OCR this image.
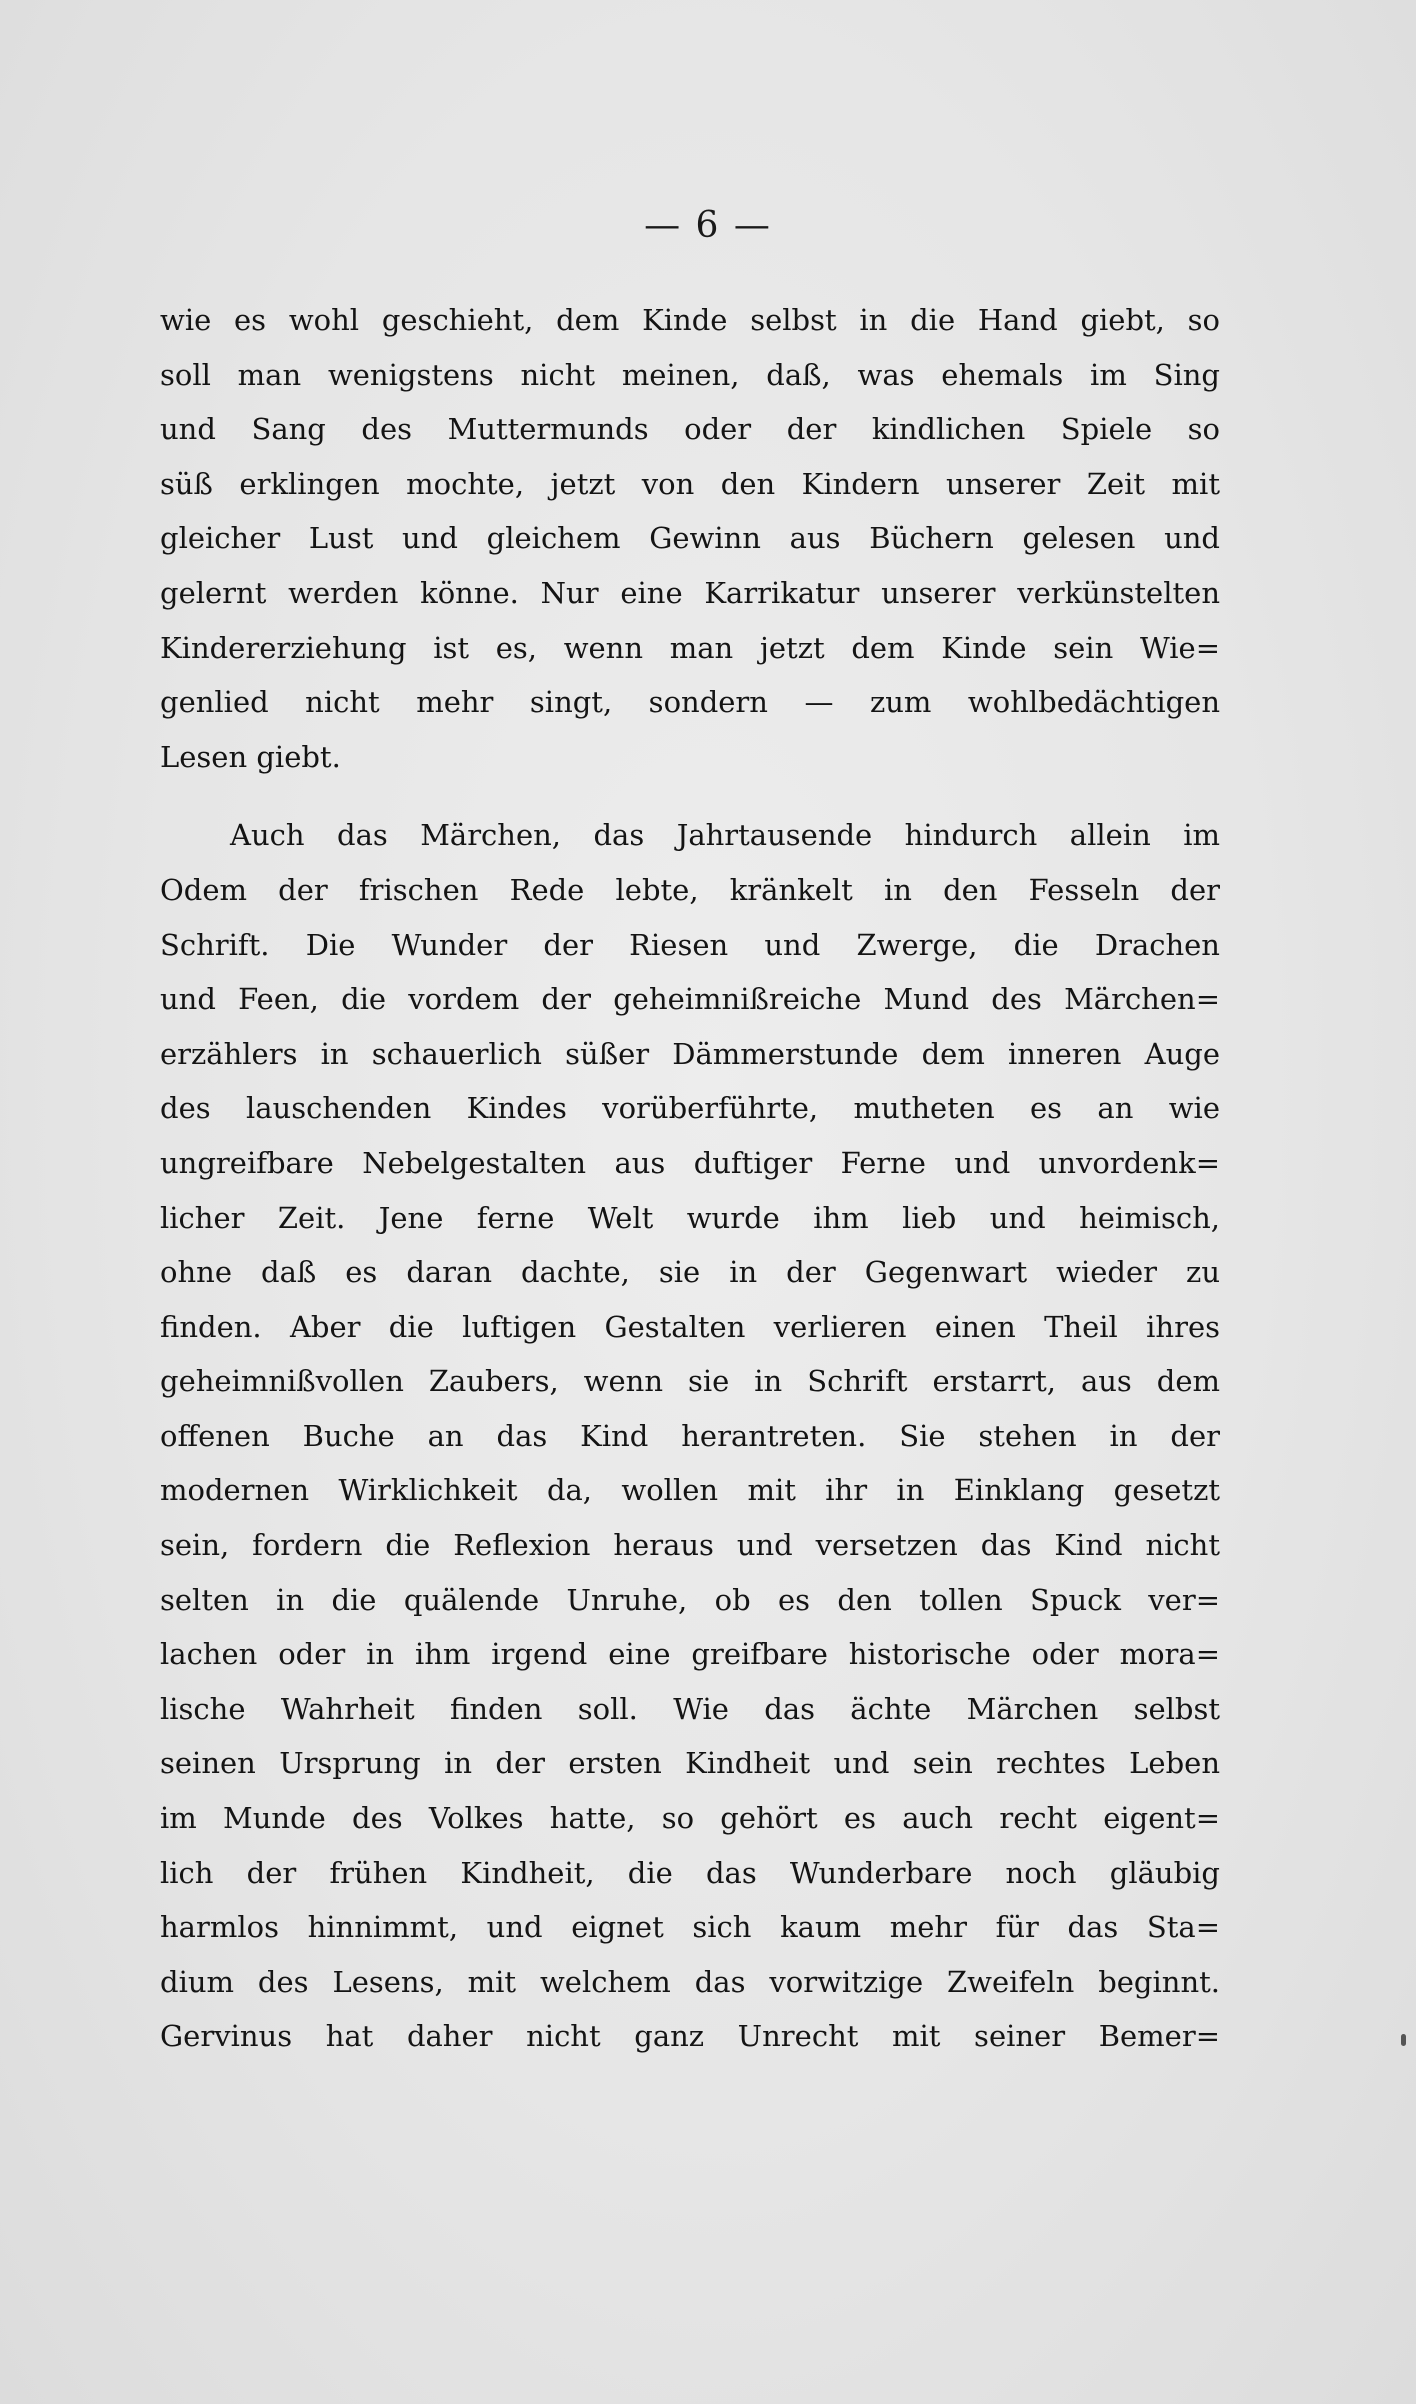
— 6 —
wie es wohl geschieht, dem Kinde selbst in die Hand giebt, so
soll man wenigstens nicht meinen, daß, was ehemals im Sing
und Sang des Muttermunds oder der kindlichen Spiele so
süß erklingen mochte, jetzt von den Kindern unserer Zeit mit
gleicher Lust und gleichem Gewinn aus Büchern gelesen und
gelernt werden könne. Nur eine Karrikatur unserer verkünstelten
Kindererziehung ist es, wenn man jetzt dem Kinde sein Wie=
genlied nicht mehr singt, sondern — zum wohlbedächtigen
Lesen giebt.
Auch das Märchen, das Jahrtausende hindurch allein im
Odem der frischen Rede lebte, kränkelt in den Fesseln der
Schrift. Die Wunder der Riesen und Zwerge, die Drachen
und Feen, die vordem der geheimnißreiche Mund des Märchen=
erzählers in schauerlich süßer Dämmerstunde dem inneren Auge
des lauschenden Kindes vorüberführte, mutheten es an wie
ungreifbare Nebelgestalten aus duftiger Ferne und unvordenk=
licher Zeit. Jene ferne Welt wurde ihm lieb und heimisch,
ohne daß es daran dachte, sie in der Gegenwart wieder zu
finden. Aber die luftigen Gestalten verlieren einen Theil ihres
geheimnißvollen Zaubers, wenn sie in Schrift erstarrt, aus dem
offenen Buche an das Kind herantreten. Sie stehen in der
modernen Wirklichkeit da, wollen mit ihr in Einklang gesetzt
sein, fordern die Reflexion heraus und versetzen das Kind nicht
selten in die quälende Unruhe, ob es den tollen Spuck ver=
lachen oder in ihm irgend eine greifbare historische oder mora=
lische Wahrheit finden soll. Wie das ächte Märchen selbst
seinen Ursprung in der ersten Kindheit und sein rechtes Leben
im Munde des Volkes hatte, so gehört es auch recht eigent=
lich der frühen Kindheit, die das Wunderbare noch gläubig
harmlos hinnimmt, und eignet sich kaum mehr für das Sta=
dium des Lesens, mit welchem das vorwitzige Zweifeln beginnt.
Gervinus hat daher nicht ganz Unrecht mit seiner Bemer=
